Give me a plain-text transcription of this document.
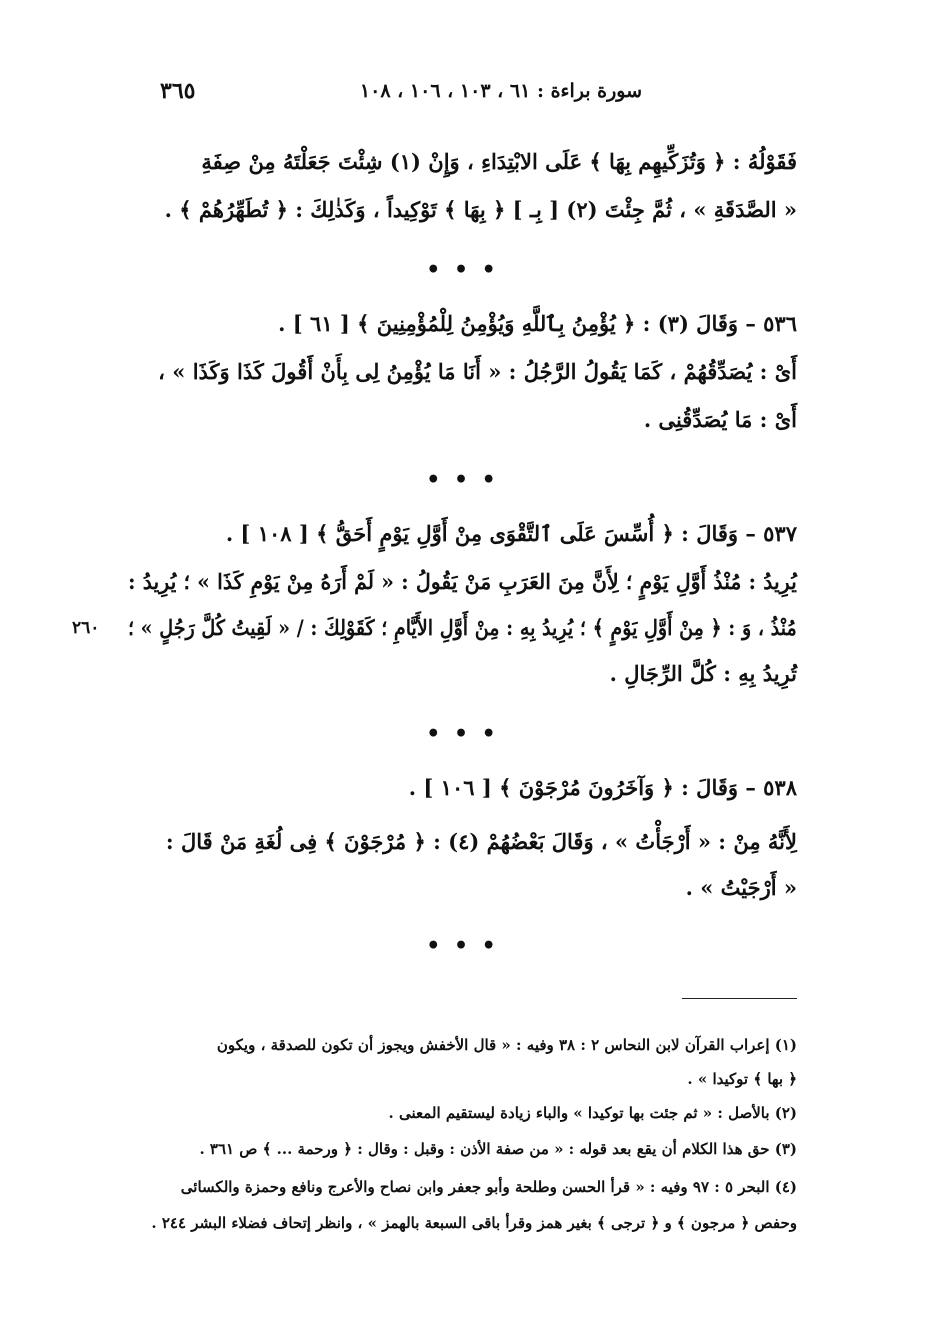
٣٦٥	سورة براءة : ٦١ ، ١٠٣ ، ١٠٦ ، ١٠٨
فَقَوْلُهُ : ﴿ وَتُزَكِّيهِم بِهَا ﴾ عَلَى الابْتِدَاءِ ، وَإِنْ (١) شِئْتَ جَعَلْتَهُ مِنْ صِفَةِ
« الصَّدَقَةِ » ، ثُمَّ جِئْتَ (٢) [ بِـ ] ﴿ بِهَا ﴾ تَوْكِيداً ، وَكَذٰلِكَ : ﴿ تُطَهِّرُهُمْ ﴾ .
• • •
٥٣٦ – وَقَالَ (٣) : ﴿ يُؤْمِنُ بِٱللَّهِ وَيُؤْمِنُ لِلْمُؤْمِنِينَ ﴾ [ ٦١ ] .
أَىْ : يُصَدِّقُهُمْ ، كَمَا يَقُولُ الرَّجُلُ : « أَنَا مَا يُؤْمِنُ لِى بِأَنْ أَقُولَ كَذَا وَكَذَا » ،
أَىْ : مَا يُصَدِّقُنِى .
• • •
٥٣٧ – وَقَالَ : ﴿ أُسِّسَ عَلَى ٱلتَّقْوَى مِنْ أَوَّلِ يَوْمٍ أَحَقُّ ﴾ [ ١٠٨ ] .
يُرِيدُ : مُنْذُ أَوَّلِ يَوْمٍ ؛ لِأَنَّ مِنَ العَرَبِ مَنْ يَقُولُ : « لَمْ أَرَهُ مِنْ يَوْمِ كَذَا » ؛ يُرِيدُ :
مُنْذُ ، وَ : ﴿ مِنْ أَوَّلِ يَوْمٍ ﴾ ؛ يُرِيدُ بِهِ : مِنْ أَوَّلِ الأَيَّامِ ؛ كَقَوْلِكَ : / « لَقِيتُ كُلَّ رَجُلٍ » ؛
تُرِيدُ بِهِ : كُلَّ الرِّجَالِ .
• • •
٥٣٨ – وَقَالَ : ﴿ وَآخَرُونَ مُرْجَوْنَ ﴾ [ ١٠٦ ] .
لِأَنَّهُ مِنْ : « أَرْجَأْتُ » ، وَقَالَ بَعْضُهُمْ (٤) : ﴿ مُرْجَوْنَ ﴾ فِى لُغَةِ مَنْ قَالَ :
« أَرْجَيْتُ » .
• • •
٢٦٠
(١) إعراب القرآن لابن النحاس ٢ : ٣٨ وفيه : « قال الأخفش ويجوز أن تكون للصدقة ، ويكون
﴿ بها ﴾ توكيدا » .
(٢) بالأصل : « ثم جئت بها توكيدا » والباء زيادة ليستقيم المعنى .
(٣) حق هذا الكلام أن يقع بعد قوله : « من صفة الأذن : وقبل : وقال : ﴿ ورحمة ... ﴾ ص ٣٦١ .
(٤) البحر ٥ : ٩٧ وفيه : « قرأ الحسن وطلحة وأبو جعفر وابن نصاح والأعرج ونافع وحمزة والكسائى
وحفص ﴿ مرجون ﴾ و ﴿ ترجى ﴾ بغير همز وقرأ باقى السبعة بالهمز » ، وانظر إتحاف فضلاء البشر ٢٤٤ .
